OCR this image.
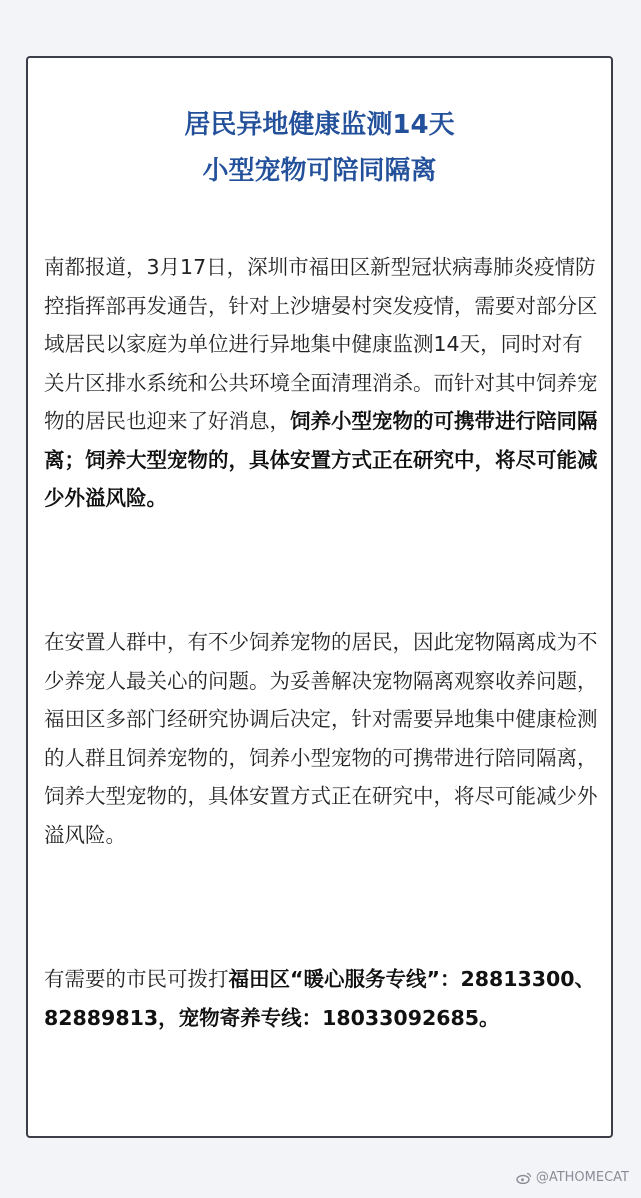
居民异地健康监测14天
小型宠物可陪同隔离

南都报道，3月17日，深圳市福田区新型冠状病毒肺炎疫情防控指挥部再发通告，针对上沙塘晏村突发疫情，需要对部分区域居民以家庭为单位进行异地集中健康监测14天，同时对有关片区排水系统和公共环境全面清理消杀。而针对其中饲养宠物的居民也迎来了好消息，饲养小型宠物的可携带进行陪同隔离；饲养大型宠物的，具体安置方式正在研究中，将尽可能减少外溢风险。

在安置人群中，有不少饲养宠物的居民，因此宠物隔离成为不少养宠人最关心的问题。为妥善解决宠物隔离观察收养问题，福田区多部门经研究协调后决定，针对需要异地集中健康检测的人群且饲养宠物的，饲养小型宠物的可携带进行陪同隔离，饲养大型宠物的，具体安置方式正在研究中，将尽可能减少外溢风险。

有需要的市民可拨打福田区“暖心服务专线”：28813300、82889813，宠物寄养专线：18033092685。

@ATHOMECAT
